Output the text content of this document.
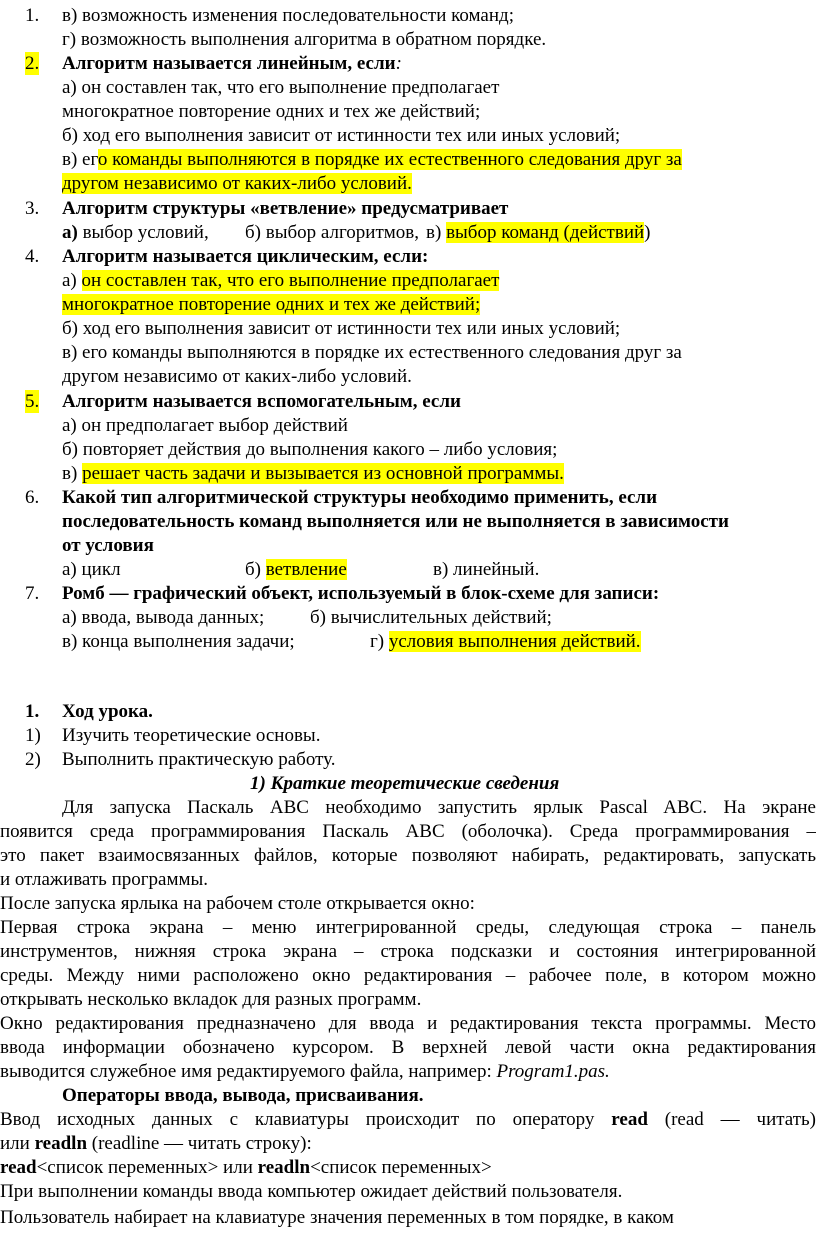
1. в) возможность изменения последовательности команд;
г) возможность выполнения алгоритма в обратном порядке.
2. Алгоритм называется линейным, если:
а) он составлен так, что его выполнение предполагает
многократное повторение одних и тех же действий;
б) ход его выполнения зависит от истинности тех или иных условий;
в) его команды выполняются в порядке их естественного следования друг за
другом независимо от каких-либо условий.
3. Алгоритм структуры «ветвление» предусматривает
а) выбор условий, б) выбор алгоритмов, в) выбор команд (действий)
4. Алгоритм называется циклическим, если:
а) он составлен так, что его выполнение предполагает
многократное повторение одних и тех же действий;
б) ход его выполнения зависит от истинности тех или иных условий;
в) его команды выполняются в порядке их естественного следования друг за
другом независимо от каких-либо условий.
5. Алгоритм называется вспомогательным, если
а) он предполагает выбор действий
б) повторяет действия до выполнения какого – либо условия;
в) решает часть задачи и вызывается из основной программы.
6. Какой тип алгоритмической структуры необходимо применить, если
последовательность команд выполняется или не выполняется в зависимости
от условия
а) цикл	б) ветвление	в) линейный.
7. Ромб — графический объект, используемый в блок-схеме для записи:
а) ввода, вывода данных; б) вычислительных действий;
в) конца выполнения задачи;	г) условия выполнения действий.
1. Ход урока.
1) Изучить теоретические основы.
2) Выполнить практическую работу.
1) Краткие теоретические сведения
Для запуска Паскаль АВС необходимо запустить ярлык Pascal ABC. На экране
появится среда программирования Паскаль АВС (оболочка). Среда программирования –
это пакет взаимосвязанных файлов, которые позволяют набирать, редактировать, запускать
и отлаживать программы.
После запуска ярлыка на рабочем столе открывается окно:
Первая строка экрана – меню интегрированной среды, следующая строка – панель
инструментов, нижняя строка экрана – строка подсказки и состояния интегрированной
среды. Между ними расположено окно редактирования – рабочее поле, в котором можно
открывать несколько вкладок для разных программ.
Окно редактирования предназначено для ввода и редактирования текста программы. Место
ввода информации обозначено курсором. В верхней левой части окна редактирования
выводится служебное имя редактируемого файла, например: Program1.pas.
Операторы ввода, вывода, присваивания.
Ввод исходных данных с клавиатуры происходит по оператору read (read — читать)
или readln (readline — читать строку):
read<список переменных> или readln<список переменных>
При выполнении команды ввода компьютер ожидает действий пользователя.
Пользователь набирает на клавиатуре значения переменных в том порядке, в каком
